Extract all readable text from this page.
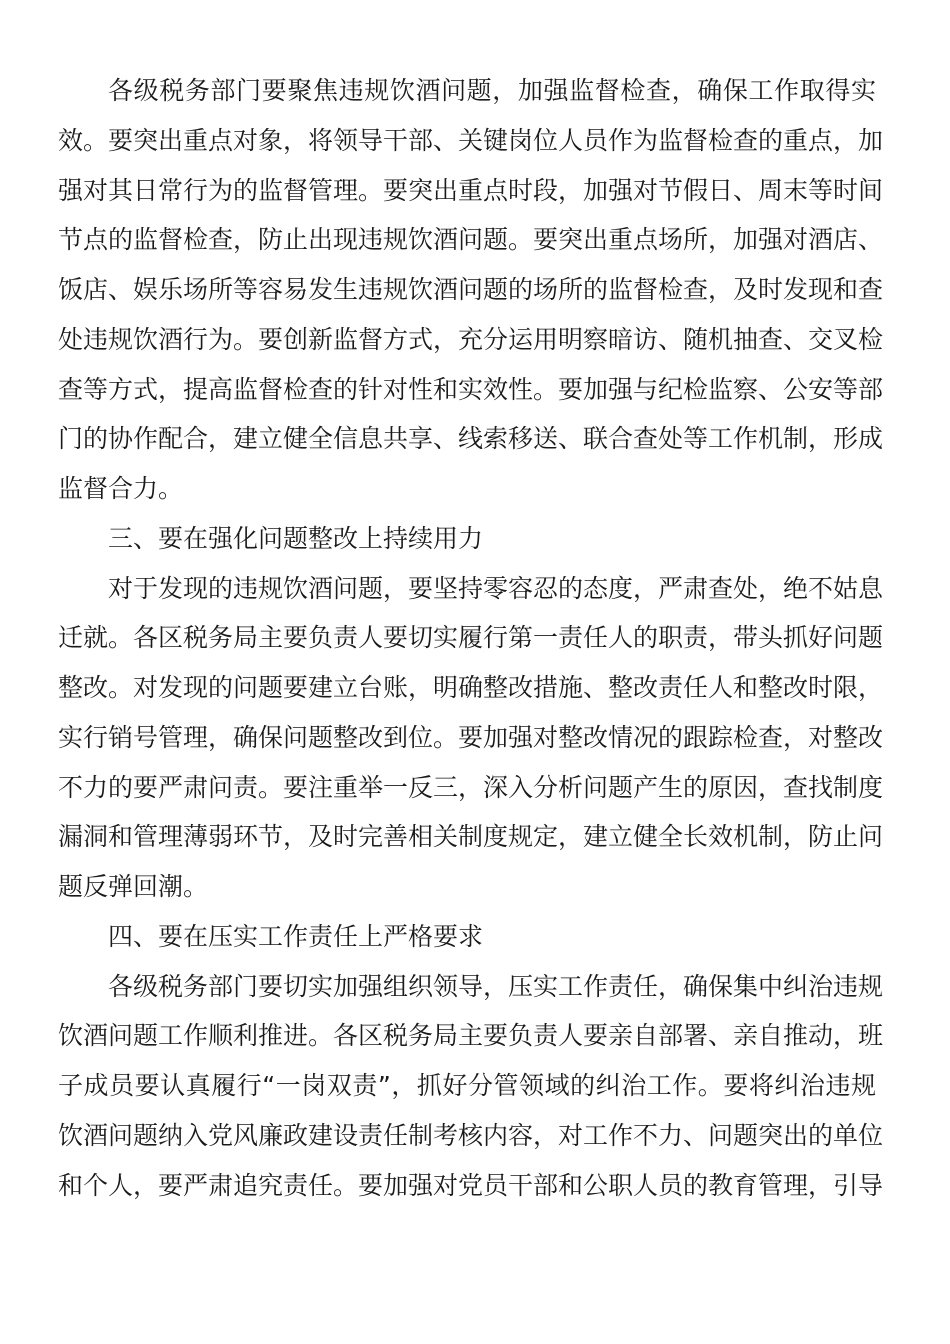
各级税务部门要聚焦违规饮酒问题，加强监督检查，确保工作取得实
效。要突出重点对象，将领导干部、关键岗位人员作为监督检查的重点，加
强对其日常行为的监督管理。要突出重点时段，加强对节假日、周末等时间
节点的监督检查，防止出现违规饮酒问题。要突出重点场所，加强对酒店、
饭店、娱乐场所等容易发生违规饮酒问题的场所的监督检查，及时发现和查
处违规饮酒行为。要创新监督方式，充分运用明察暗访、随机抽查、交叉检
查等方式，提高监督检查的针对性和实效性。要加强与纪检监察、公安等部
门的协作配合，建立健全信息共享、线索移送、联合查处等工作机制，形成
监督合力。
三、要在强化问题整改上持续用力
对于发现的违规饮酒问题，要坚持零容忍的态度，严肃查处，绝不姑息
迁就。各区税务局主要负责人要切实履行第一责任人的职责，带头抓好问题
整改。对发现的问题要建立台账，明确整改措施、整改责任人和整改时限，
实行销号管理，确保问题整改到位。要加强对整改情况的跟踪检查，对整改
不力的要严肃问责。要注重举一反三，深入分析问题产生的原因，查找制度
漏洞和管理薄弱环节，及时完善相关制度规定，建立健全长效机制，防止问
题反弹回潮。
四、要在压实工作责任上严格要求
各级税务部门要切实加强组织领导，压实工作责任，确保集中纠治违规
饮酒问题工作顺利推进。各区税务局主要负责人要亲自部署、亲自推动，班
子成员要认真履行“一岗双责”，抓好分管领域的纠治工作。要将纠治违规
饮酒问题纳入党风廉政建设责任制考核内容，对工作不力、问题突出的单位
和个人，要严肃追究责任。要加强对党员干部和公职人员的教育管理，引导
